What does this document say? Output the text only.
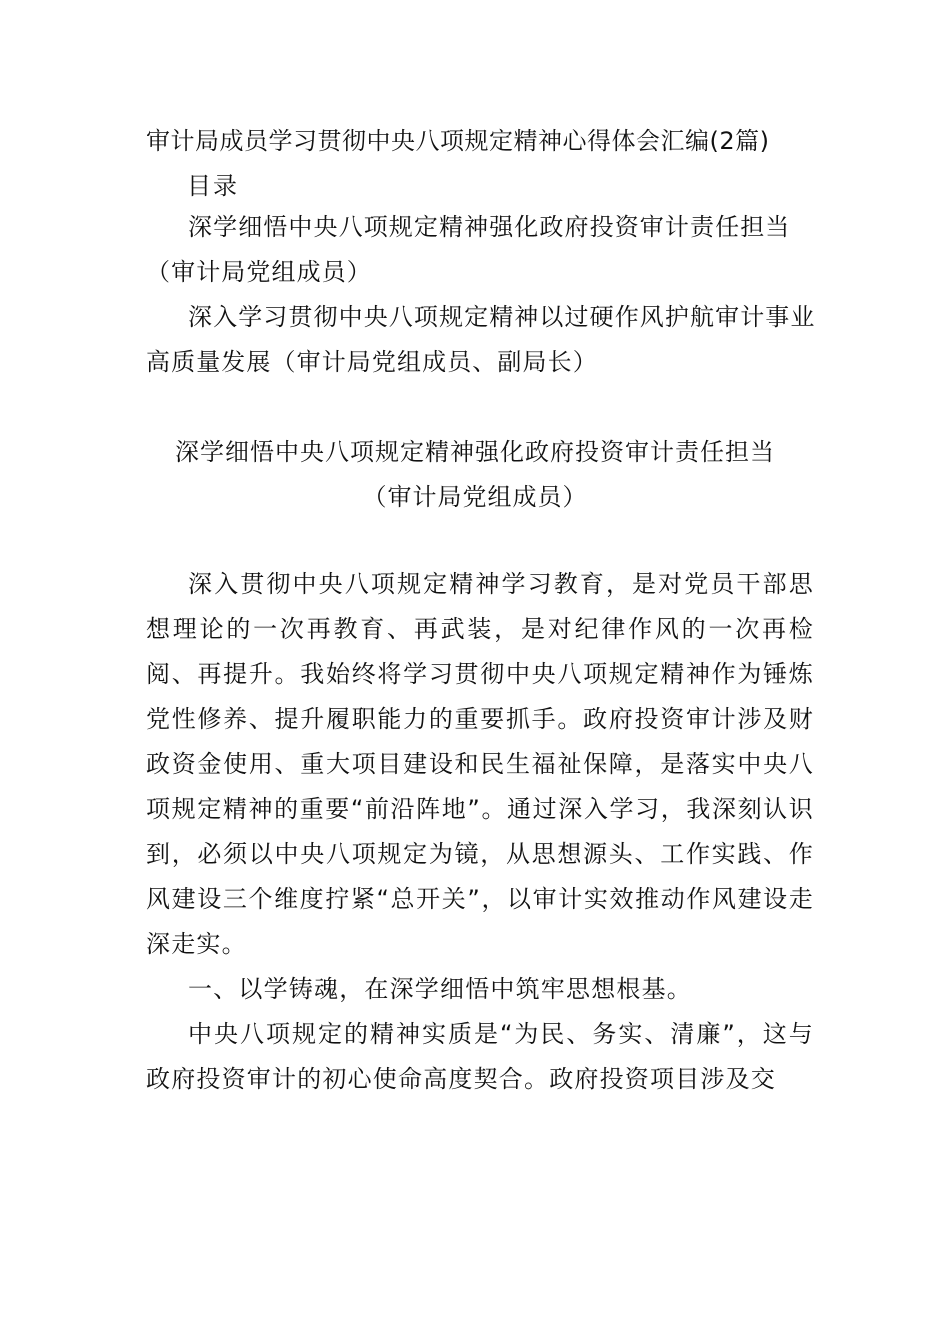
审计局成员学习贯彻中央八项规定精神心得体会汇编(2篇)
目录
深学细悟中央八项规定精神强化政府投资审计责任担当（审计局党组成员）
深入学习贯彻中央八项规定精神以过硬作风护航审计事业高质量发展（审计局党组成员、副局长）
深学细悟中央八项规定精神强化政府投资审计责任担当
（审计局党组成员）

深入贯彻中央八项规定精神学习教育，是对党员干部思想理论的一次再教育、再武装，是对纪律作风的一次再检阅、再提升。我始终将学习贯彻中央八项规定精神作为锤炼党性修养、提升履职能力的重要抓手。政府投资审计涉及财政资金使用、重大项目建设和民生福祉保障，是落实中央八项规定精神的重要“前沿阵地”。通过深入学习，我深刻认识到，必须以中央八项规定为镜，从思想源头、工作实践、作风建设三个维度拧紧“总开关”，以审计实效推动作风建设走深走实。

一、以学铸魂，在深学细悟中筑牢思想根基。

中央八项规定的精神实质是“为民、务实、清廉”，这与政府投资审计的初心使命高度契合。政府投资项目涉及交
